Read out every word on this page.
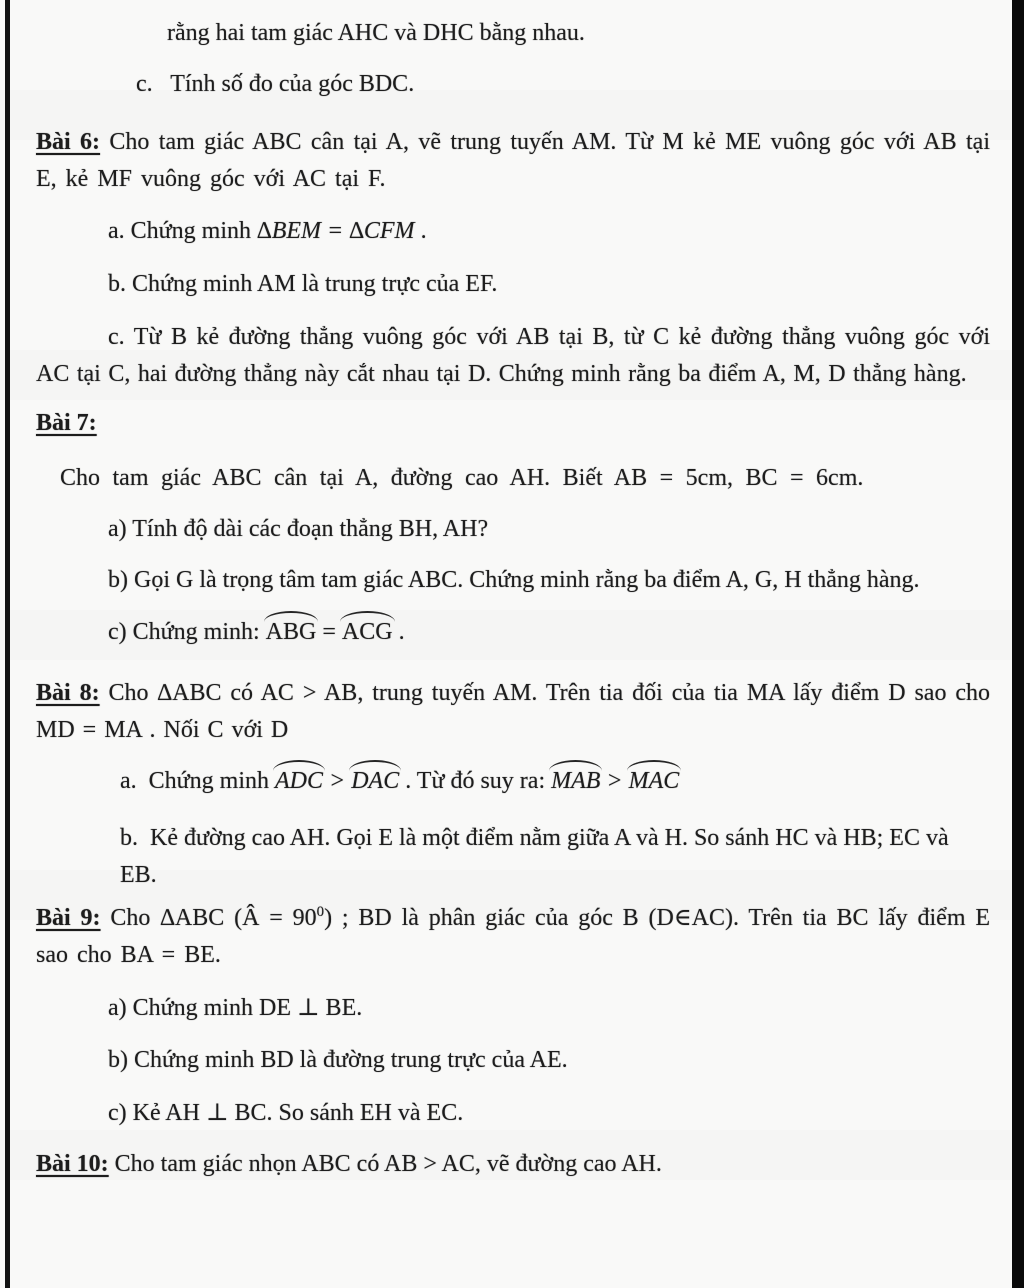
rằng hai tam giác AHC và DHC bằng nhau.
c.   Tính số đo của góc BDC.
Bài 6: Cho tam giác ABC cân tại A, vẽ trung tuyến AM. Từ M kẻ ME vuông góc với AB tại E, kẻ MF vuông góc với AC tại F.
a. Chứng minh ∆BEM = ∆CFM .
b. Chứng minh AM là trung trực của EF.
c. Từ B kẻ đường thẳng vuông góc với AB tại B, từ C kẻ đường thẳng vuông góc với AC tại C, hai đường thẳng này cắt nhau tại D. Chứng minh rằng ba điểm A, M, D thẳng hàng.
Bài 7:
Cho tam giác ABC cân tại A, đường cao AH. Biết AB = 5cm, BC = 6cm.
a) Tính độ dài các đoạn thẳng BH, AH?
b) Gọi G là trọng tâm tam giác ABC. Chứng minh rằng ba điểm A, G, H thẳng hàng.
c) Chứng minh: ABG = ACG .
Bài 8: Cho ∆ABC có AC > AB, trung tuyến AM. Trên tia đối của tia MA lấy điểm D sao cho MD = MA . Nối C với D
a.  Chứng minh ADC > DAC . Từ đó suy ra: MAB > MAC
b.  Kẻ đường cao AH. Gọi E là một điểm nằm giữa A và H. So sánh HC và HB; EC và EB.
Bài 9: Cho ∆ABC (Â = $90^0$) ; BD là phân giác của góc B (D∈AC). Trên tia BC lấy điểm E sao cho BA = BE.
a) Chứng minh DE ⊥ BE.
b) Chứng minh BD là đường trung trực của AE.
c) Kẻ AH ⊥ BC. So sánh EH và EC.
Bài 10: Cho tam giác nhọn ABC có AB > AC, vẽ đường cao AH.
